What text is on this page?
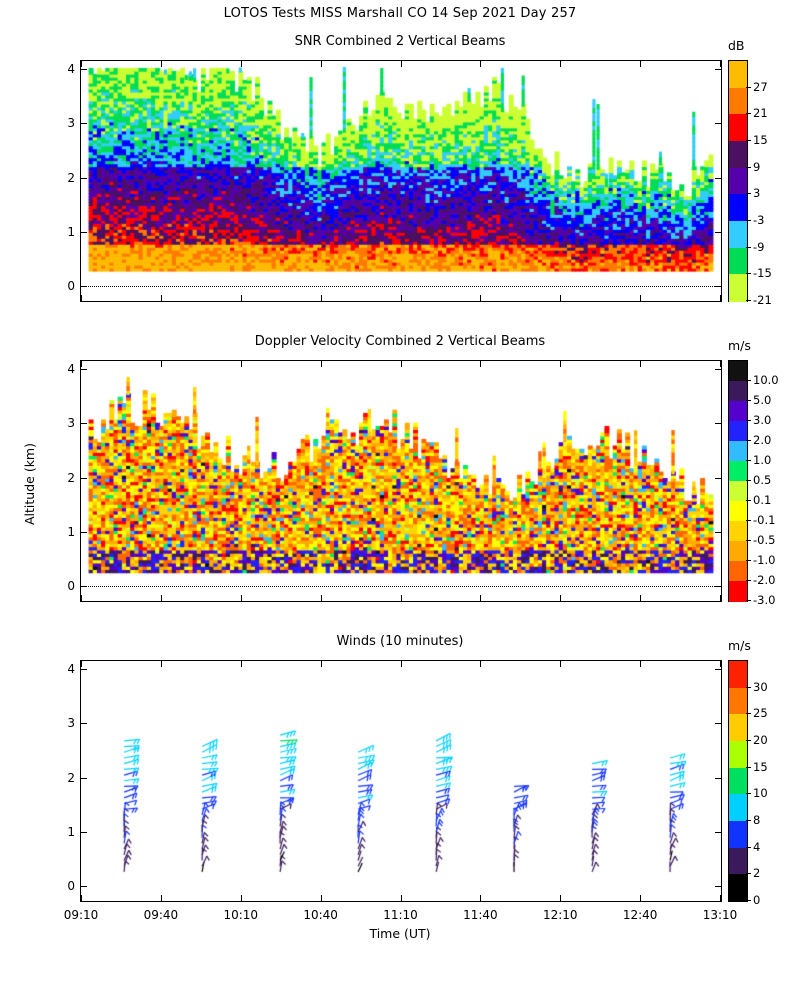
LOTOS Tests MISS Marshall CO 14 Sep 2021 Day 257
SNR Combined 2 Vertical Beams
0
1
2
3
4
Doppler Velocity Combined 2 Vertical Beams
0
1
2
3
4
Winds (10 minutes)
0
1
2
3
4
09:10	09:40	10:10	10:40	11:10	11:40	12:10	12:40	13:10
Time (UT)
Altitude (km)
dB
27
21
15
9
3
-3
-9
-15
-21
m/s
10.0
5.0
3.0
2.0
1.0
0.5
0.1
-0.1
-0.5
-1.0
-2.0
-3.0
m/s
30
25
20
15
10
8
4
2
0
